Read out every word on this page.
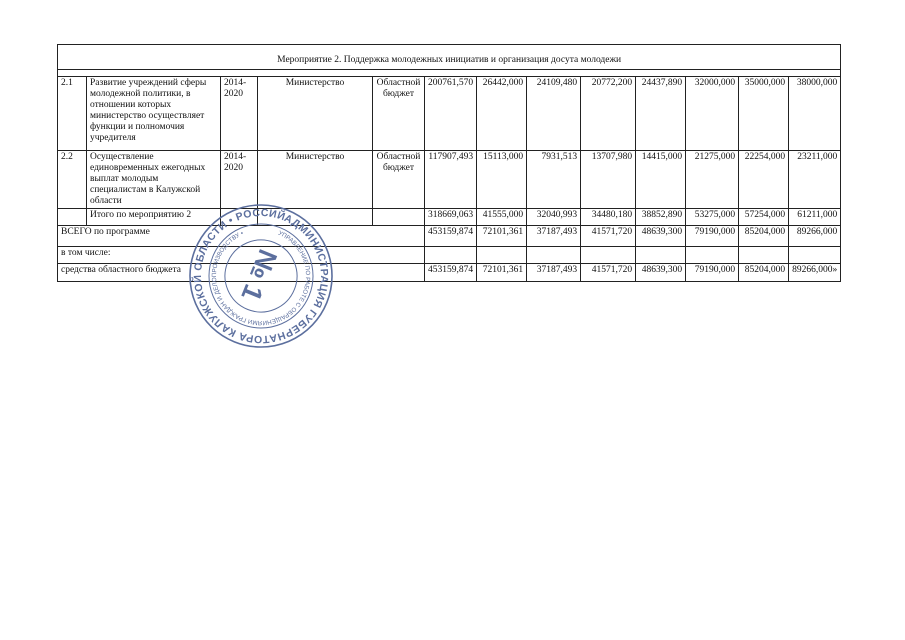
Мероприятие 2. Поддержка молодежных инициатив и организация досута молодежи												

2.1	Развитие учреждений сферы молодежной политики, в отношении которых министерство осуществляет функции и полномочия учредителя	2014-2020	Министерство	Областной бюджет	200761,570	26442,000	24109,480	20772,200	24437,890	32000,000	35000,000	38000,000
2.2	Осуществление единовременных ежегодных выплат молодым специалистам в Калужской области	2014-2020	Министерство	Областной бюджет	117907,493	15113,000	7931,513	13707,980	14415,000	21275,000	22254,000	23211,000
	Итого по мероприятию 2				318669,063	41555,000	32040,993	34480,180	38852,890	53275,000	57254,000	61211,000
ВСЕГО по программе					453159,874	72101,361	37187,493	41571,720	48639,300	79190,000	85204,000	89266,000
в том числе:												
средства областного бюджета					453159,874	72101,361	37187,493	41571,720	48639,300	79190,000	85204,000	89266,000»
АДМИНИСТРАЦИЯ ГУБЕРНАТОРА КАЛУЖСКОЙ ОБЛАСТИ • РОССИЙСКАЯ
УПРАВЛЕНИЕ ПО РАБОТЕ С ОБРАЩЕНИЯМИ ГРАЖДАН И ДЕЛОПРОИЗВОДСТВУ •
№ 1
